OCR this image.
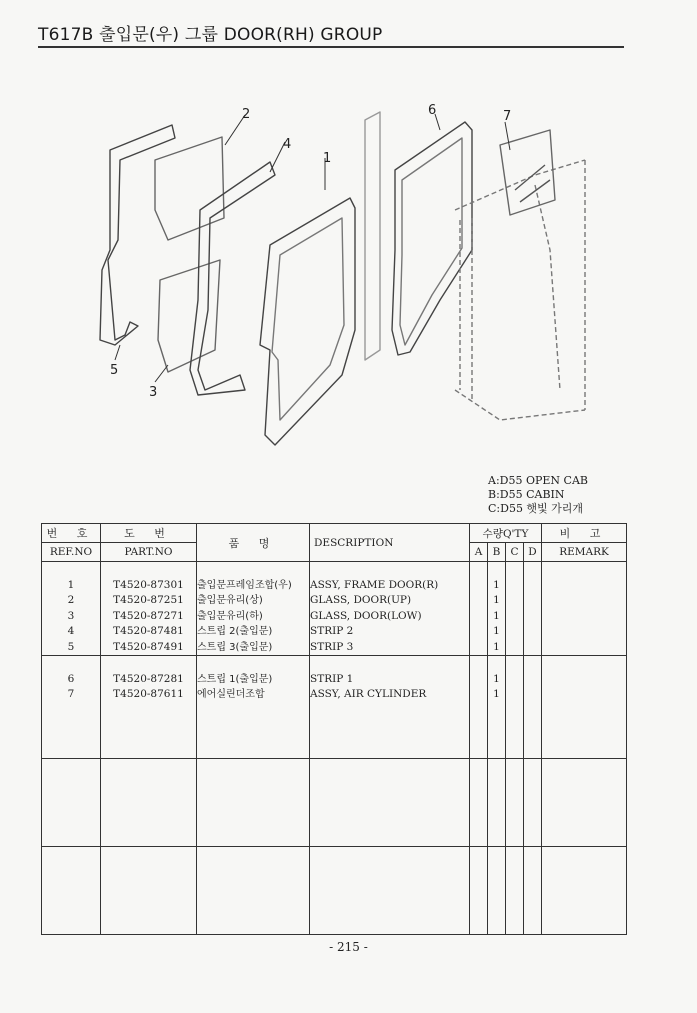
T617B 출입문(우) 그룹 DOOR(RH) GROUP
1
2
3
4
5
6	7
A:D55 OPEN CAB
B:D55 CABIN
C:D55 햇빛 가리개
번 호	도 번	품 명	DESCRIPTION	수량Q'TY				비 고
REF.NO	PART.NO			A	B	C	D	REMARK

1	T4520-87301	출입문프레임조합(우)	ASSY, FRAME DOOR(R)		1			
2	T4520-87251	출입문유리(상)	GLASS, DOOR(UP)		1			
3	T4520-87271	출입문유리(하)	GLASS, DOOR(LOW)		1			
4	T4520-87481	스트립 2(출입문)	STRIP 2		1			
5	T4520-87491	스트립 3(출입문)	STRIP 3		1			

6	T4520-87281	스트립 1(출입문)	STRIP 1		1			
7	T4520-87611	에어실린더조합	ASSY, AIR CYLINDER		1			

- 215 -
